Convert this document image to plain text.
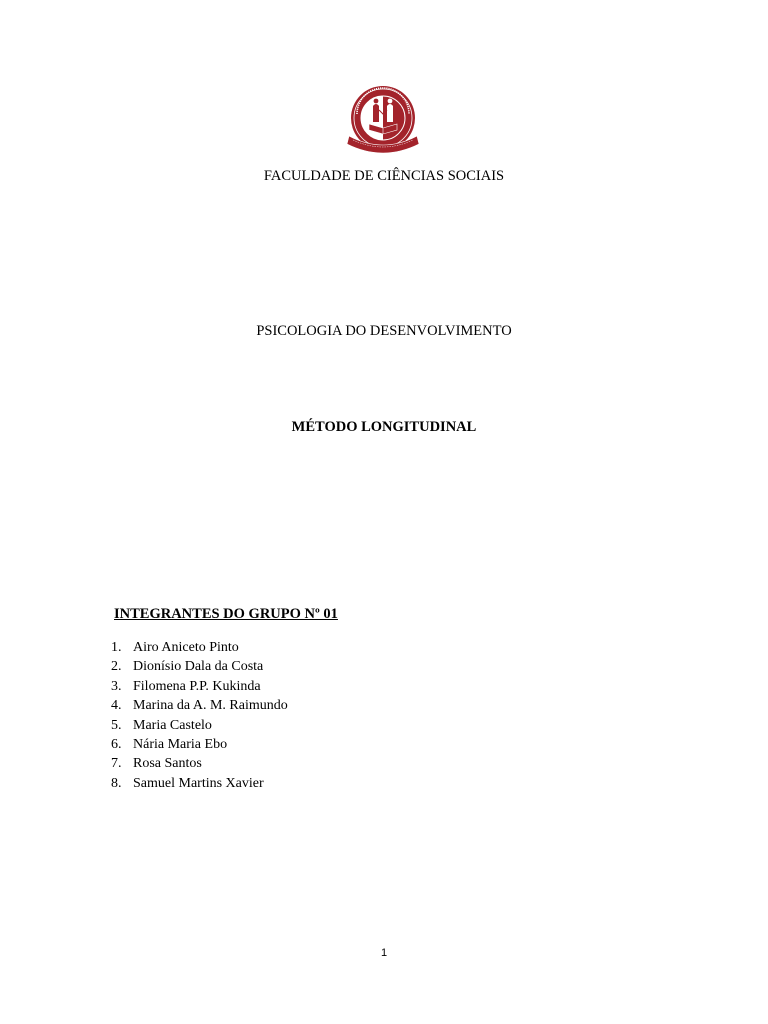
FACULDADE DE CIÊNCIAS SOCIAIS

PSICOLOGIA DO DESENVOLVIMENTO

MÉTODO LONGITUDINAL

INTEGRANTES DO GRUPO Nº 01

1. Airo Aniceto Pinto
2. Dionísio Dala da Costa
3. Filomena P.P. Kukinda
4. Marina da A. M. Raimundo
5. Maria Castelo
6. Nária Maria Ebo
7. Rosa Santos
8. Samuel Martins Xavier
1
